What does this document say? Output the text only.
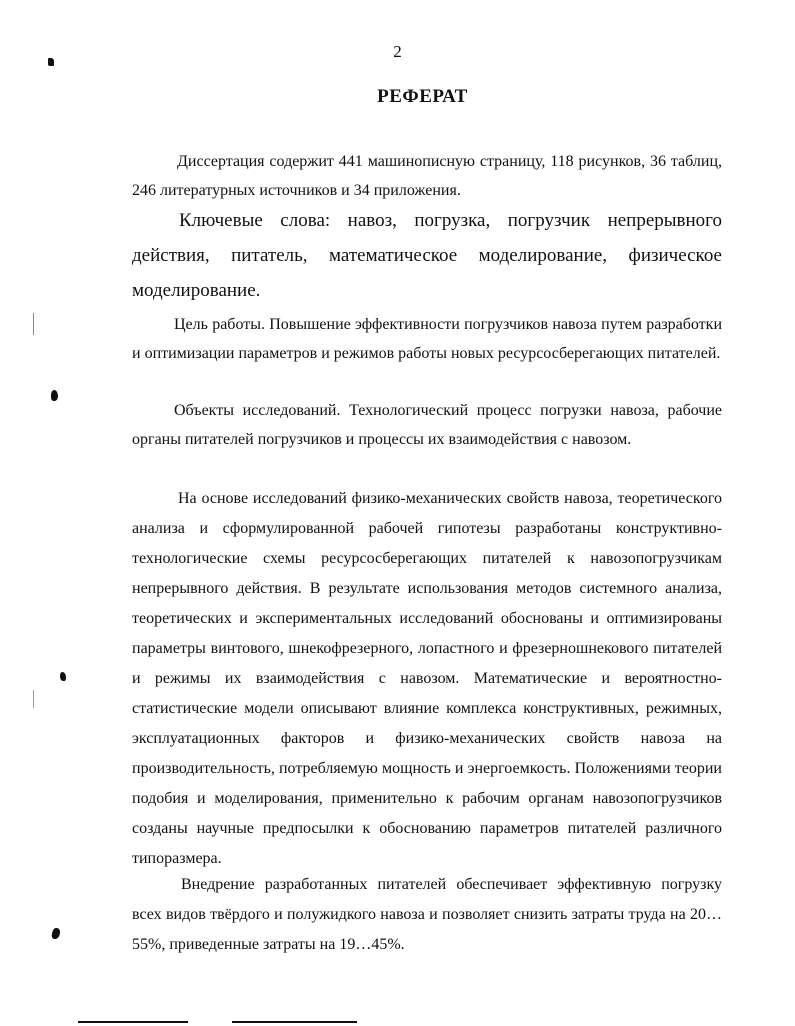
2
РЕФЕРАТ

Диссертация содержит 441 машинописную страницу, 118 рисунков, 36 таблиц, 246 литературных источников и 34 приложения.

Ключевые слова: навоз, погрузка, погрузчик непрерывного действия, питатель, математическое моделирование, физическое моделирование.

Цель работы. Повышение эффективности погрузчиков навоза путем разработки и оптимизации параметров и режимов работы новых ресурсосберегающих питателей.

Объекты исследований. Технологический процесс погрузки навоза, рабочие органы питателей погрузчиков и процессы их взаимодействия с навозом.

На основе исследований физико-механических свойств навоза, теоретического анализа и сформулированной рабочей гипотезы разработаны конструктивно-технологические схемы ресурсосберегающих питателей к навозопогрузчикам непрерывного действия. В результате использования методов системного анализа, теоретических и экспериментальных исследований обоснованы и оптимизированы параметры винтового, шнекофрезерного, лопастного и фрезерношнекового питателей и режимы их взаимодействия с навозом. Математические и вероятностно-статистические модели описывают влияние комплекса конструктивных, режимных, эксплуатационных факторов и физико-механических свойств навоза на производительность, потребляемую мощность и энергоемкость. Положениями теории подобия и моделирования, применительно к рабочим органам навозопогрузчиков созданы научные предпосылки к обоснованию параметров питателей различного типоразмера.

Внедрение разработанных питателей обеспечивает эффективную погрузку всех видов твёрдого и полужидкого навоза и позволяет снизить затраты труда на 20…55%, приведенные затраты на 19…45%.
